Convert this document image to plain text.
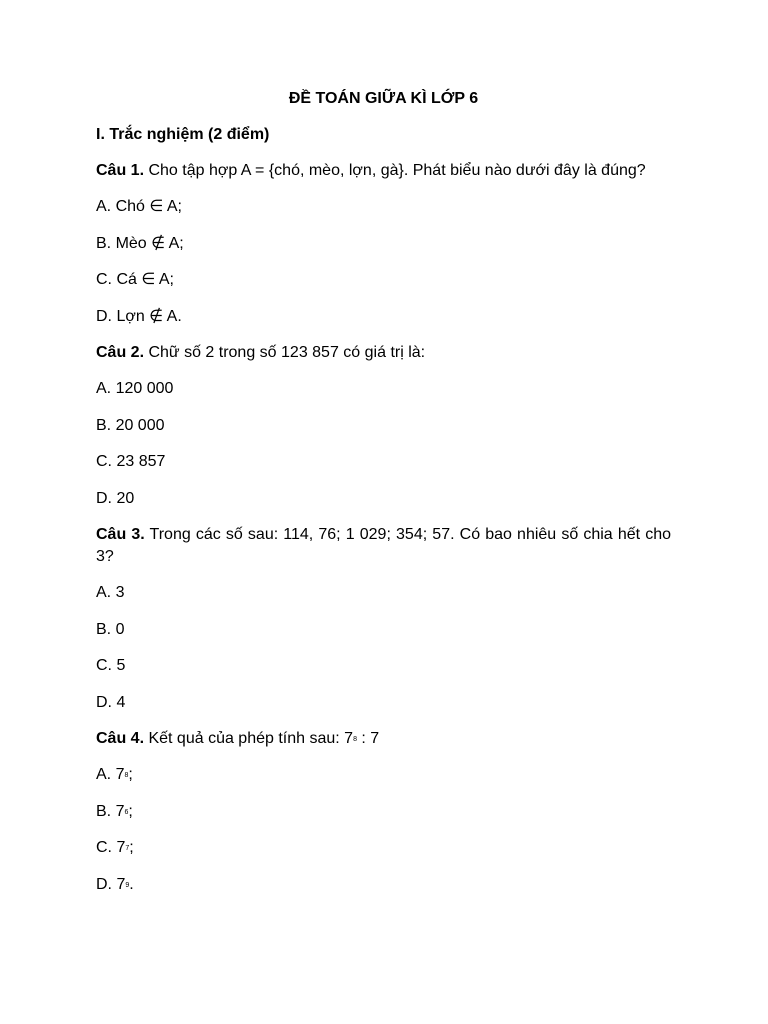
ĐỀ TOÁN GIỮA KÌ LỚP 6
I. Trắc nghiệm (2 điểm)
Câu 1. Cho tập hợp A = {chó, mèo, lợn, gà}. Phát biểu nào dưới đây là đúng?
A. Chó ∈ A;
B. Mèo ∉ A;
C. Cá ∈ A;
D. Lợn ∉ A.
Câu 2. Chữ số 2 trong số 123 857 có giá trị là:
A. 120 000
B. 20 000
C. 23 857
D. 20
Câu 3. Trong các số sau: 114, 76; 1 029; 354; 57. Có bao nhiêu số chia hết cho 3?
A. 3
B. 0
C. 5
D. 4
Câu 4. Kết quả của phép tính sau: $7^8$ : 7
A. $7^8$;
B. $7^6$;
C. $7^7$;
D. $7^9$.
